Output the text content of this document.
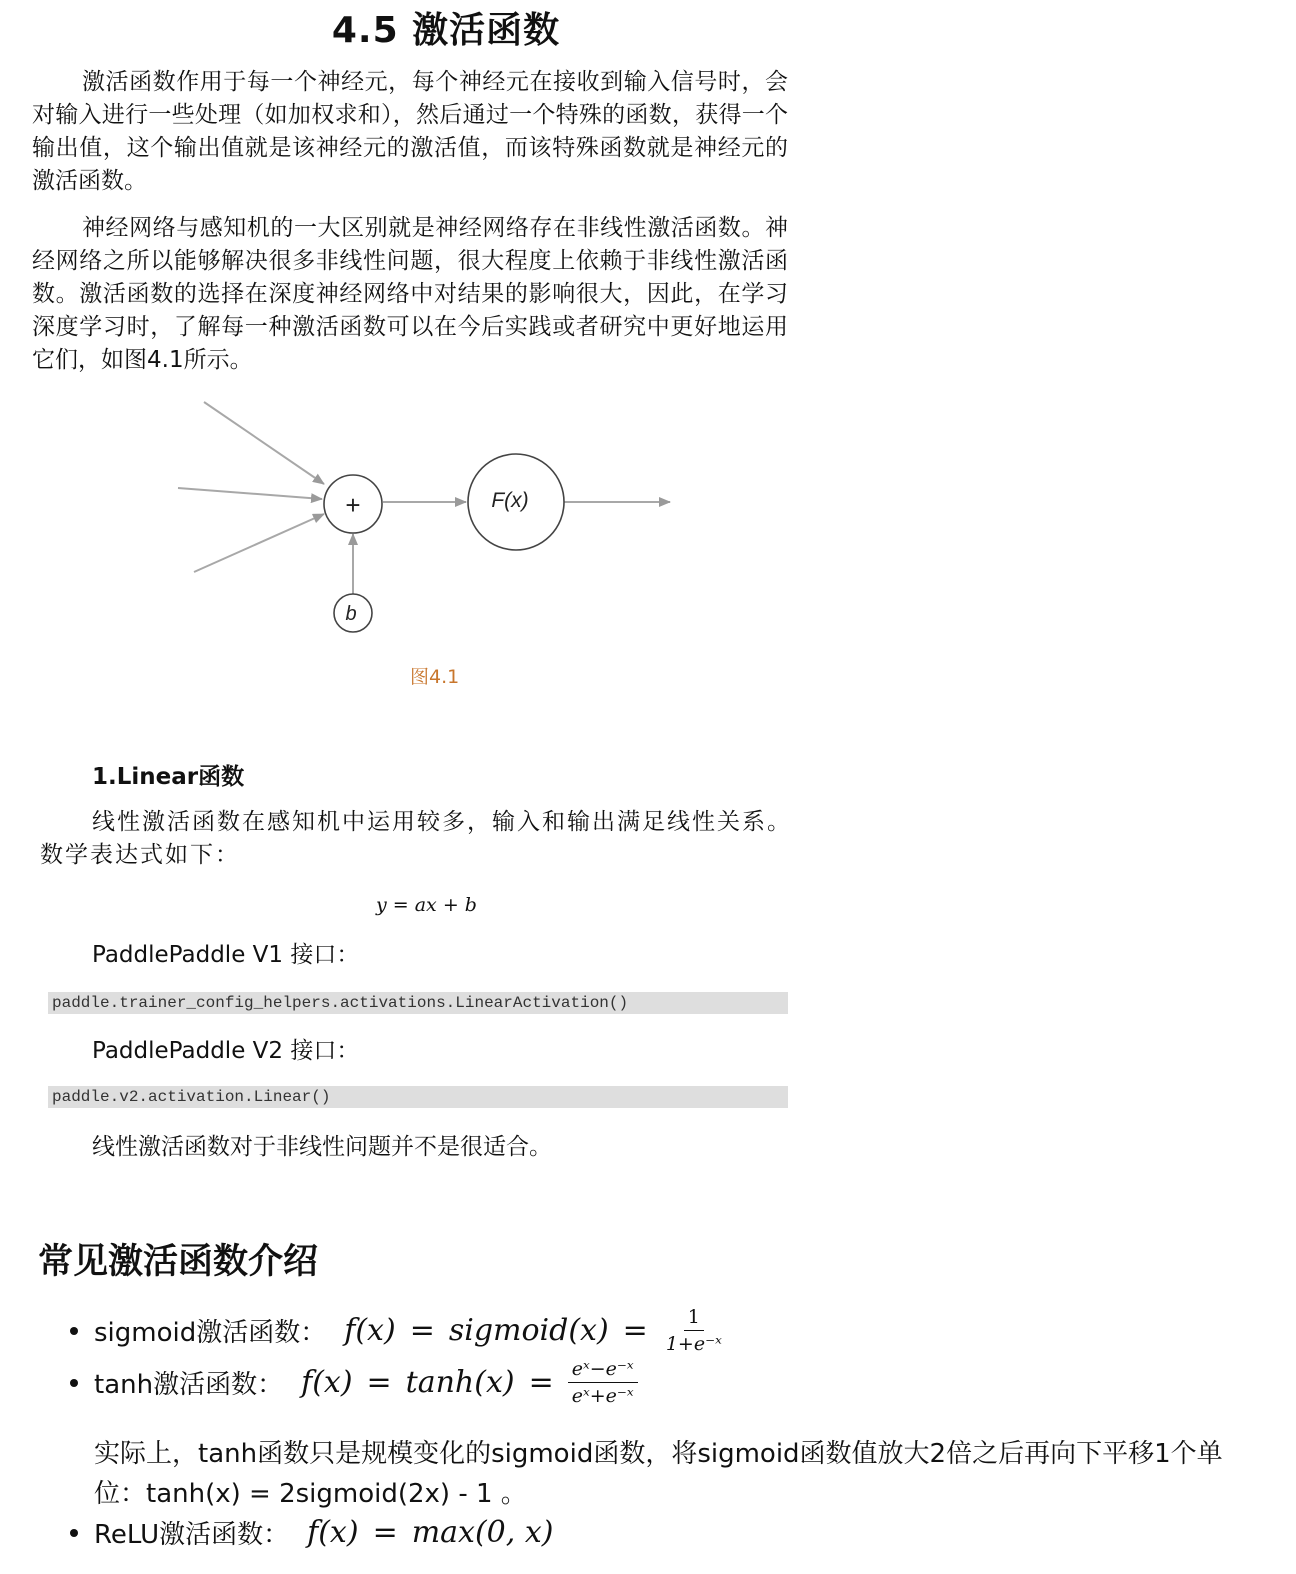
4.5 激活函数

激活函数作用于每一个神经元，每个神经元在接收到输入信号时，会对输入进行一些处理（如加权求和），然后通过一个特殊的函数，获得一个输出值，这个输出值就是该神经元的激活值，而该特殊函数就是神经元的激活函数。

神经网络与感知机的一大区别就是神经网络存在非线性激活函数。神经网络之所以能够解决很多非线性问题，很大程度上依赖于非线性激活函数。激活函数的选择在深度神经网络中对结果的影响很大，因此，在学习深度学习时，了解每一种激活函数可以在今后实践或者研究中更好地运用它们，如图4.1所示。

+	F(x)
b
图4.1
1.Linear函数

线性激活函数在感知机中运用较多，输入和输出满足线性关系。数学表达式如下：

y = ax + b
PaddlePaddle V1 接口：
paddle.trainer_config_helpers.activations.LinearActivation()
PaddlePaddle V2 接口：
paddle.v2.activation.Linear()
线性激活函数对于非线性问题并不是很适合。
常见激活函数介绍
sigmoid激活函数： f(x) = sigmoid(x) = $\frac{1}{\text{1+e⁻ˣ}}$
tanh激活函数： $f(x) = \tanh(x) = \frac{\text{eˣ−e⁻ˣ}}{\text{eˣ+e⁻ˣ}}$
实际上，tanh函数只是规模变化的sigmoid函数，将sigmoid函数值放大2倍之后再向下平移1个单位：tanh(x) = 2sigmoid(2x) - 1 。
ReLU激活函数： f(x) = max(0, x)
